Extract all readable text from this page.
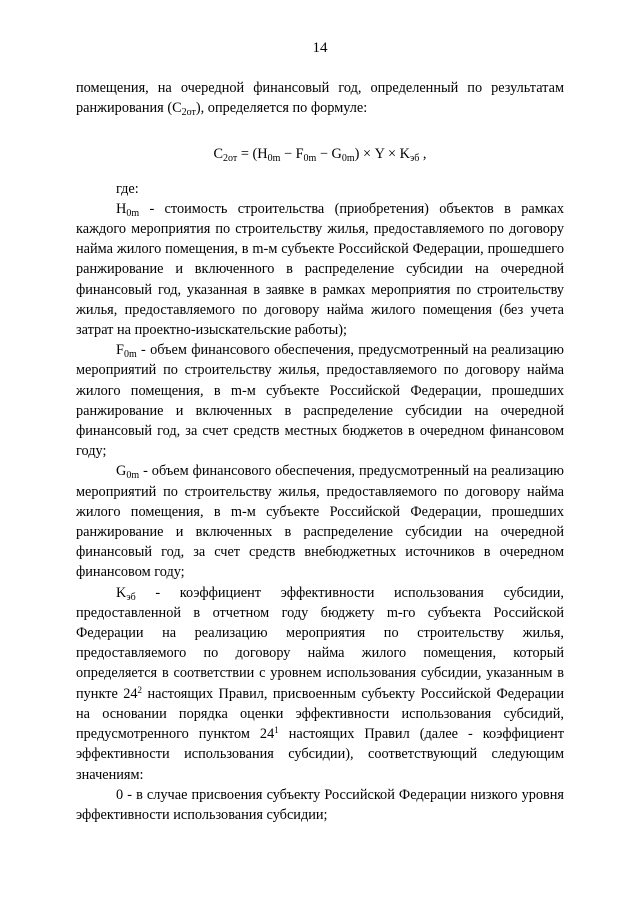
14

помещения, на очередной финансовый год, определенный по результатам ранжирования $(C_{2от})$, определяется по формуле:

$C_{2от} = (H_{0m} - F_{0m} - G_{0m}) \times Y \times K_{эб}$ ,

где:

$H_{0m}$ - стоимость строительства (приобретения) объектов в рамках каждого мероприятия по строительству жилья, предоставляемого по договору найма жилого помещения, в m-м субъекте Российской Федерации, прошедшего ранжирование и включенного в распределение субсидии на очередной финансовый год, указанная в заявке в рамках мероприятия по строительству жилья, предоставляемого по договору найма жилого помещения (без учета затрат на проектно-изыскательские работы);

$F_{0m}$ - объем финансового обеспечения, предусмотренный на реализацию мероприятий по строительству жилья, предоставляемого по договору найма жилого помещения, в m-м субъекте Российской Федерации, прошедших ранжирование и включенных в распределение субсидии на очередной финансовый год, за счет средств местных бюджетов в очередном финансовом году;

$G_{0m}$ - объем финансового обеспечения, предусмотренный на реализацию мероприятий по строительству жилья, предоставляемого по договору найма жилого помещения, в m-м субъекте Российской Федерации, прошедших ранжирование и включенных в распределение субсидии на очередной финансовый год, за счет средств внебюджетных источников в очередном финансовом году;

$K_{эб}$ - коэффициент эффективности использования субсидии, предоставленной в отчетном году бюджету m-го субъекта Российской Федерации на реализацию мероприятия по строительству жилья, предоставляемого по договору найма жилого помещения, который определяется в соответствии с уровнем использования субсидии, указанным в пункте $24^2$ настоящих Правил, присвоенным субъекту Российской Федерации на основании порядка оценки эффективности использования субсидий, предусмотренного пунктом $24^1$ настоящих Правил (далее - коэффициент эффективности использования субсидии), соответствующий следующим значениям:

0 - в случае присвоения субъекту Российской Федерации низкого уровня эффективности использования субсидии;
